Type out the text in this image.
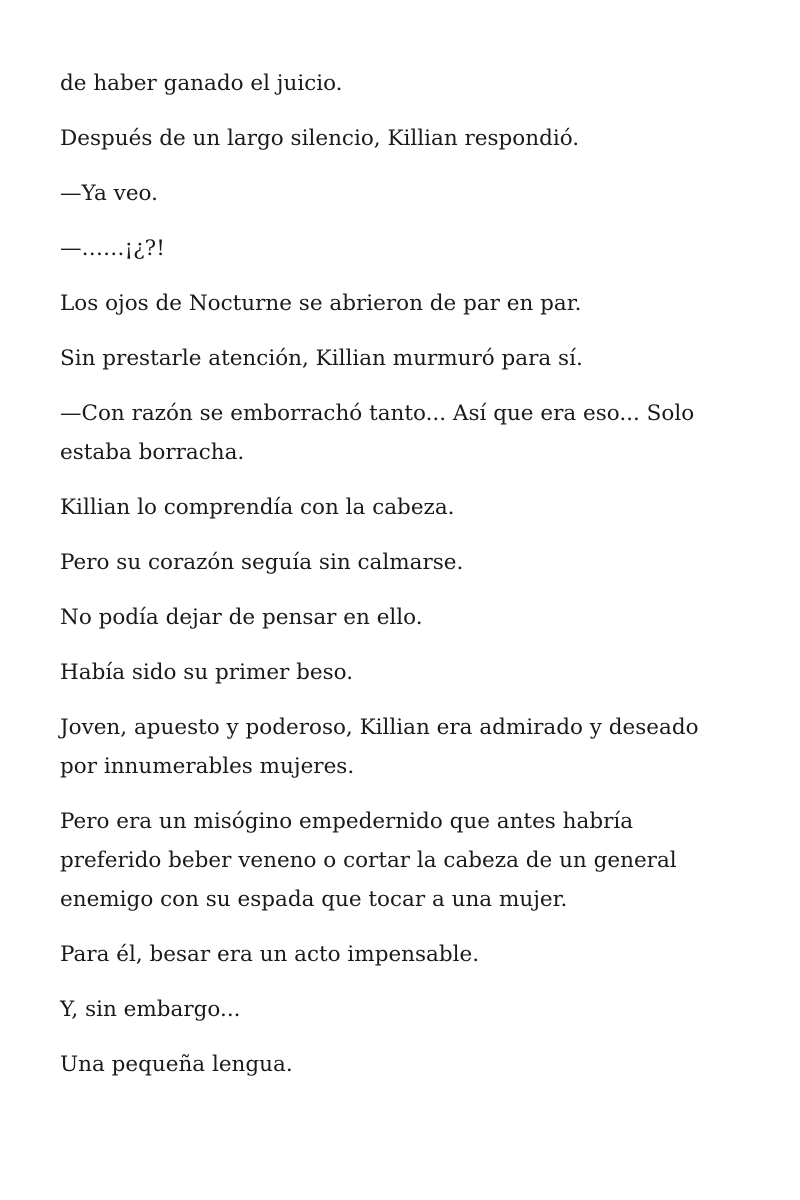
de haber ganado el juicio.

Después de un largo silencio, Killian respondió.

—Ya veo.

—……¡¿?!

Los ojos de Nocturne se abrieron de par en par.

Sin prestarle atención, Killian murmuró para sí.

—Con razón se emborrachó tanto... Así que era eso... Solo estaba borracha.

Killian lo comprendía con la cabeza.

Pero su corazón seguía sin calmarse.

No podía dejar de pensar en ello.

Había sido su primer beso.

Joven, apuesto y poderoso, Killian era admirado y deseado por innumerables mujeres.

Pero era un misógino empedernido que antes habría preferido beber veneno o cortar la cabeza de un general enemigo con su espada que tocar a una mujer.

Para él, besar era un acto impensable.

Y, sin embargo...

Una pequeña lengua.
